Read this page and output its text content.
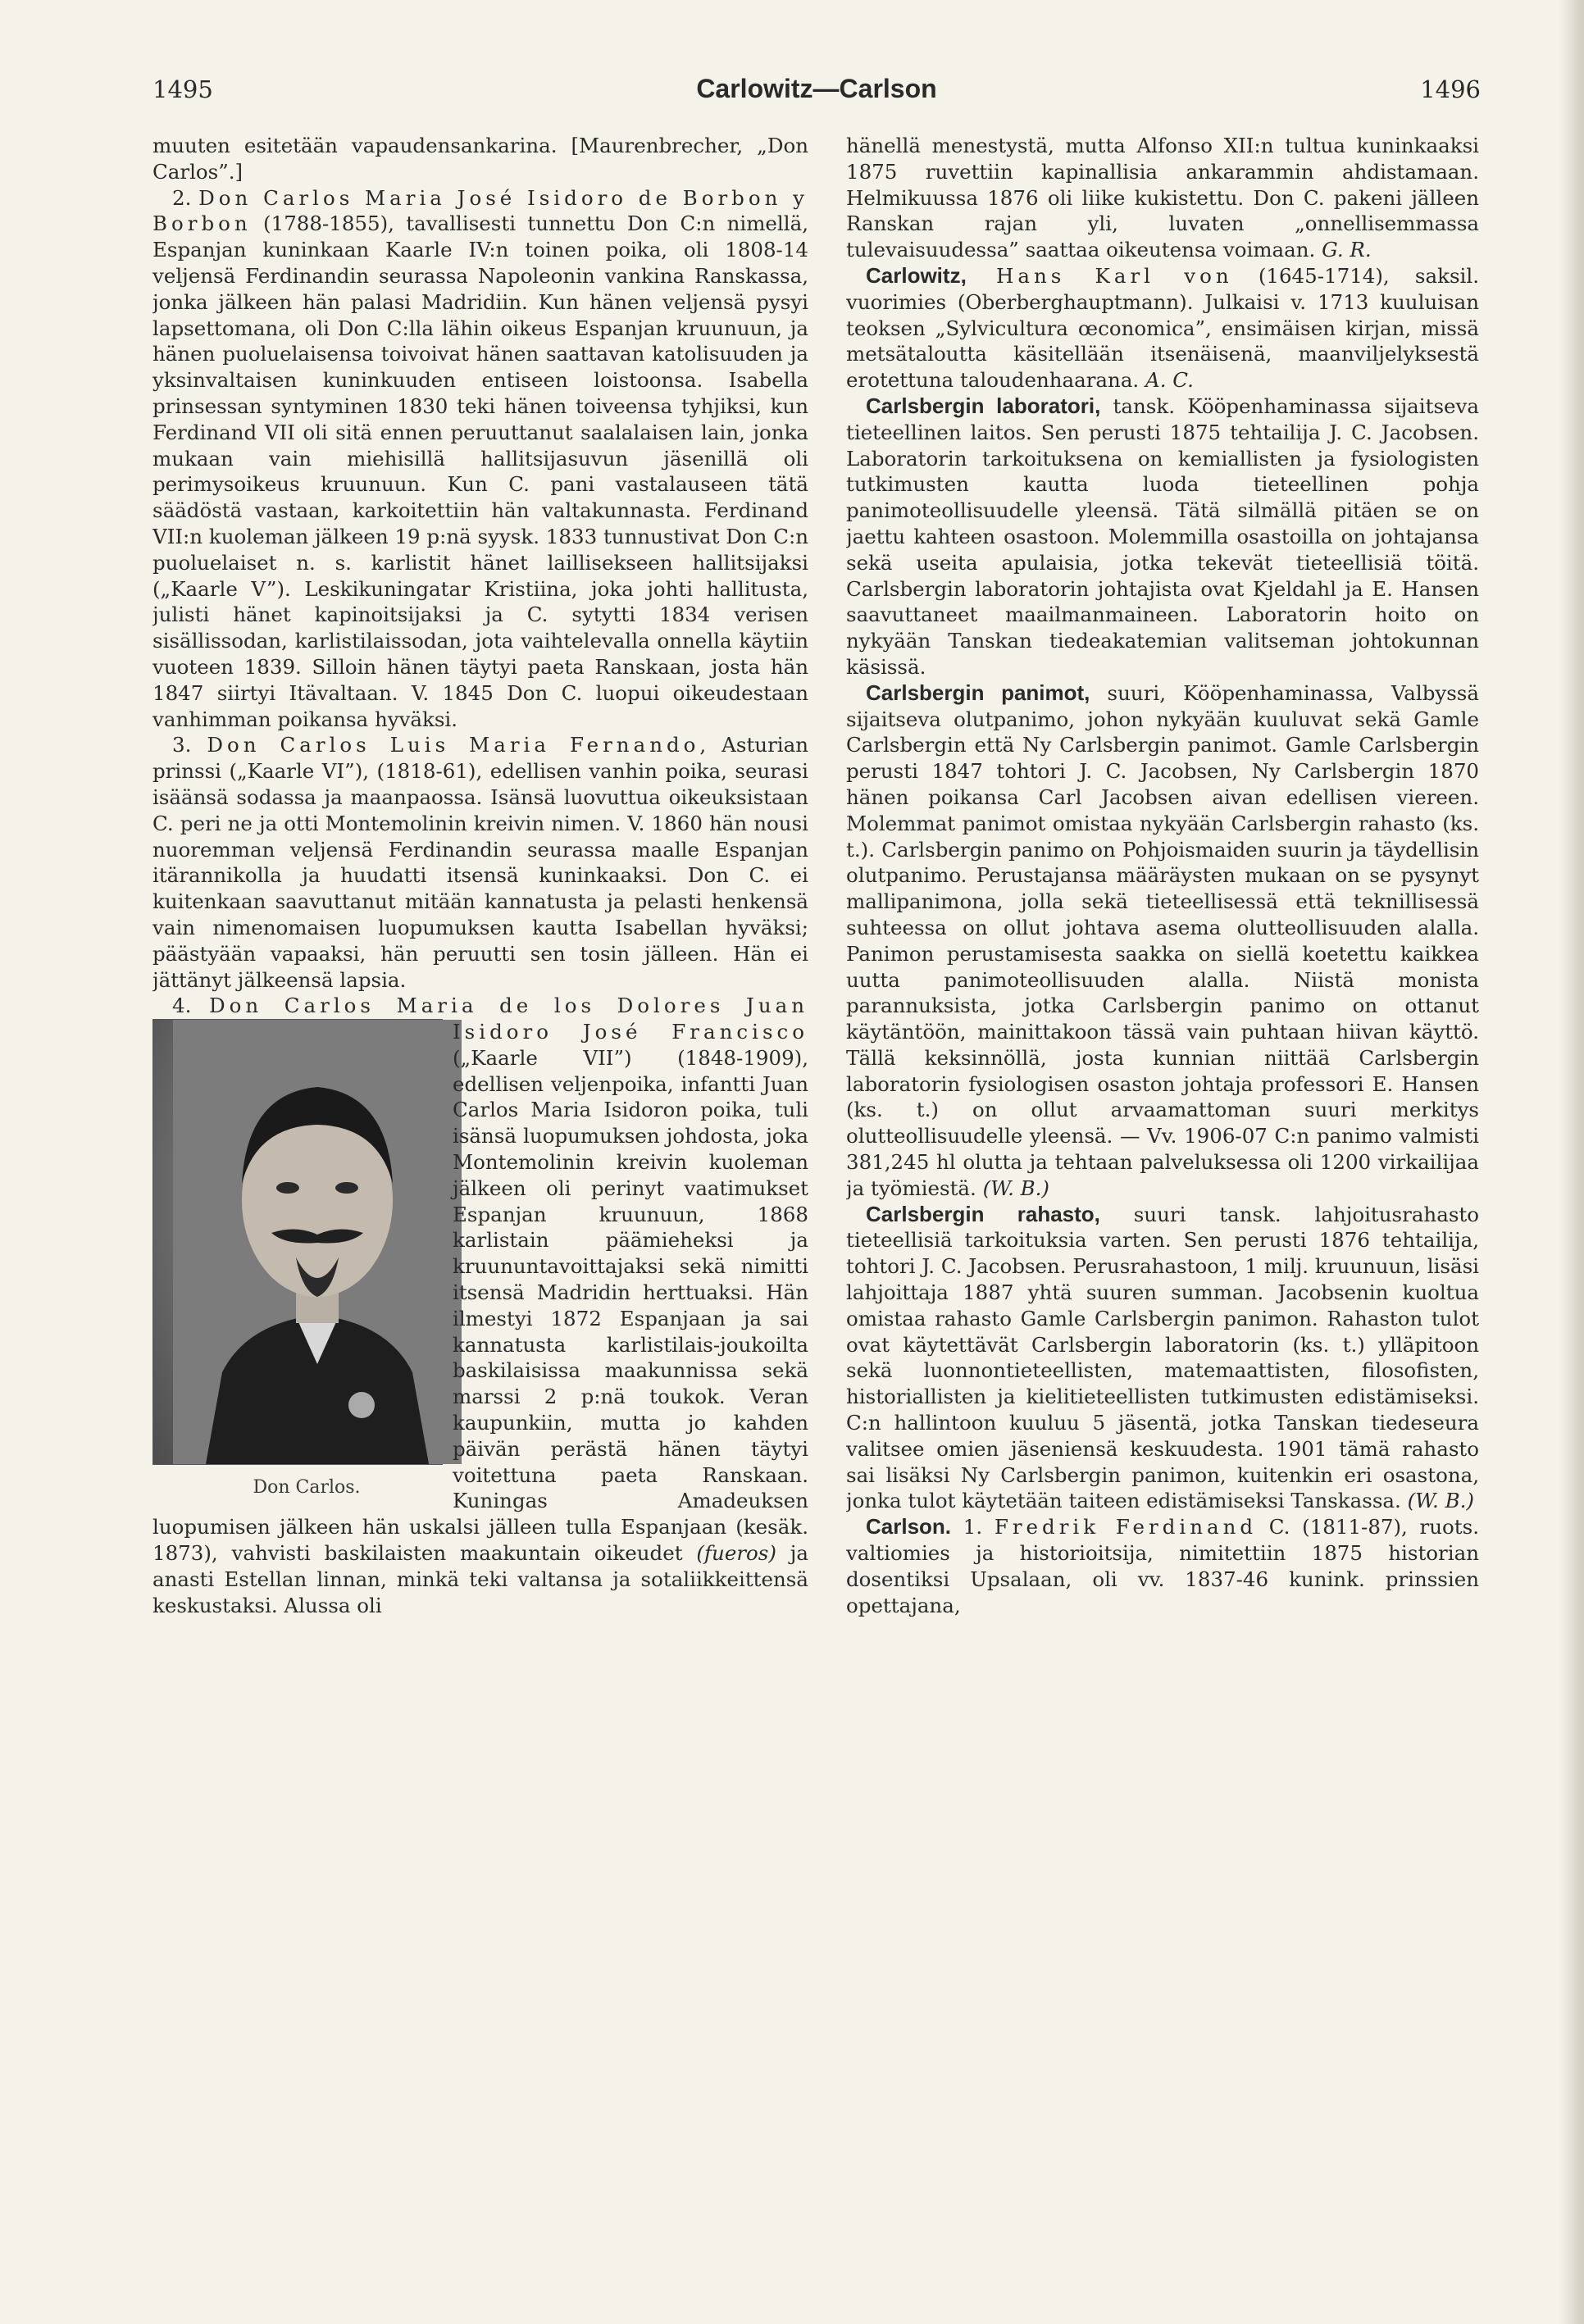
1495	Carlowitz—Carlson	1496

muuten esitetään vapaudensankarina. [Maurenbrecher, „Don Carlos”.]

2. Don Carlos Maria José Isidoro de Borbon y Borbon (1788-1855), tavallisesti tunnettu Don C:n nimellä, Espanjan kuninkaan Kaarle IV:n toinen poika, oli 1808-14 veljensä Ferdinandin seurassa Napoleonin vankina Ranskassa, jonka jälkeen hän palasi Madridiin. Kun hänen veljensä pysyi lapsettomana, oli Don C:lla lähin oikeus Espanjan kruunuun, ja hänen puoluelaisensa toivoivat hänen saattavan katolisuuden ja yksinvaltaisen kuninkuuden entiseen loistoonsa. Isabella prinsessan syntyminen 1830 teki hänen toiveensa tyhjiksi, kun Ferdinand VII oli sitä ennen peruuttanut saalalaisen lain, jonka mukaan vain miehisillä hallitsijasuvun jäsenillä oli perimysoikeus kruunuun. Kun C. pani vastalauseen tätä säädöstä vastaan, karkoitettiin hän valtakunnasta. Ferdinand VII:n kuoleman jälkeen 19 p:nä syysk. 1833 tunnustivat Don C:n puoluelaiset n. s. karlistit hänet laillisekseen hallitsijaksi („Kaarle V”). Leskikuningatar Kristiina, joka johti hallitusta, julisti hänet kapinoitsijaksi ja C. sytytti 1834 verisen sisällissodan, karlistilaissodan, jota vaihtelevalla onnella käytiin vuoteen 1839. Silloin hänen täytyi paeta Ranskaan, josta hän 1847 siirtyi Itävaltaan. V. 1845 Don C. luopui oikeudestaan vanhimman poikansa hyväksi.

3. Don Carlos Luis Maria Fernando, Asturian prinssi („Kaarle VI”), (1818-61), edellisen vanhin poika, seurasi isäänsä sodassa ja maanpaossa. Isänsä luovuttua oikeuksistaan C. peri ne ja otti Montemolinin kreivin nimen. V. 1860 hän nousi nuoremman veljensä Ferdinandin seurassa maalle Espanjan itärannikolla ja huudatti itsensä kuninkaaksi. Don C. ei kuitenkaan saavuttanut mitään kannatusta ja pelasti henkensä vain nimenomaisen luopumuksen kautta Isabellan hyväksi; päästyään vapaaksi, hän peruutti sen tosin jälleen. Hän ei jättänyt jälkeensä lapsia.

4. Don Carlos Maria de los Dolores Juan Isidoro José Francisco
Don Carlos.
(„Kaarle VII”) (1848-1909), edellisen veljenpoika, infantti Juan Carlos Maria Isidoron poika, tuli isänsä luopumuksen johdosta, joka Montemolinin kreivin kuoleman jälkeen oli perinyt vaatimukset Espanjan kruunuun, 1868 karlistain päämieheksi ja kruununtavoittajaksi sekä nimitti itsensä Madridin herttuaksi. Hän ilmestyi 1872 Espanjaan ja sai kannatusta karlistilais-joukoilta baskilaisissa maakunnissa sekä marssi 2 p:nä toukok. Veran kaupunkiin, mutta jo kahden päivän perästä hänen täytyi voitettuna paeta Ranskaan. Kuningas Amadeuksen luopumisen jälkeen hän uskalsi jälleen tulla Espanjaan (kesäk. 1873), vahvisti baskilaisten maakuntain oikeudet (fueros) ja anasti Estellan linnan, minkä teki valtansa ja sotaliikkeittensä keskustaksi. Alussa oli

hänellä menestystä, mutta Alfonso XII:n tultua kuninkaaksi 1875 ruvettiin kapinallisia ankarammin ahdistamaan. Helmikuussa 1876 oli liike kukistettu. Don C. pakeni jälleen Ranskan rajan yli, luvaten „onnellisemmassa tulevaisuudessa” saattaa oikeutensa voimaan. G. R.

Carlowitz, Hans Karl von (1645-1714), saksil. vuorimies (Oberberghauptmann). Julkaisi v. 1713 kuuluisan teoksen „Sylvicultura œconomica”, ensimäisen kirjan, missä metsätaloutta käsitellään itsenäisenä, maanviljelyksestä erotettuna taloudenhaarana. A. C.

Carlsbergin laboratori, tansk. Kööpenhaminassa sijaitseva tieteellinen laitos. Sen perusti 1875 tehtailija J. C. Jacobsen. Laboratorin tarkoituksena on kemiallisten ja fysiologisten tutkimusten kautta luoda tieteellinen pohja panimoteollisuudelle yleensä. Tätä silmällä pitäen se on jaettu kahteen osastoon. Molemmilla osastoilla on johtajansa sekä useita apulaisia, jotka tekevät tieteellisiä töitä. Carlsbergin laboratorin johtajista ovat Kjeldahl ja E. Hansen saavuttaneet maailmanmaineen. Laboratorin hoito on nykyään Tanskan tiedeakatemian valitseman johtokunnan käsissä.

Carlsbergin panimot, suuri, Kööpenhaminassa, Valbyssä sijaitseva olutpanimo, johon nykyään kuuluvat sekä Gamle Carlsbergin että Ny Carlsbergin panimot. Gamle Carlsbergin perusti 1847 tohtori J. C. Jacobsen, Ny Carlsbergin 1870 hänen poikansa Carl Jacobsen aivan edellisen viereen. Molemmat panimot omistaa nykyään Carlsbergin rahasto (ks. t.). Carlsbergin panimo on Pohjoismaiden suurin ja täydellisin olutpanimo. Perustajansa määräysten mukaan on se pysynyt mallipanimona, jolla sekä tieteellisessä että teknillisessä suhteessa on ollut johtava asema olutteollisuuden alalla. Panimon perustamisesta saakka on siellä koetettu kaikkea uutta panimoteollisuuden alalla. Niistä monista parannuksista, jotka Carlsbergin panimo on ottanut käytäntöön, mainittakoon tässä vain puhtaan hiivan käyttö. Tällä keksinnöllä, josta kunnian niittää Carlsbergin laboratorin fysiologisen osaston johtaja professori E. Hansen (ks. t.) on ollut arvaamattoman suuri merkitys olutteollisuudelle yleensä. — Vv. 1906-07 C:n panimo valmisti 381,245 hl olutta ja tehtaan palveluksessa oli 1200 virkailijaa ja työmiestä. (W. B.)

Carlsbergin rahasto, suuri tansk. lahjoitusrahasto tieteellisiä tarkoituksia varten. Sen perusti 1876 tehtailija, tohtori J. C. Jacobsen. Perusrahastoon, 1 milj. kruunuun, lisäsi lahjoittaja 1887 yhtä suuren summan. Jacobsenin kuoltua omistaa rahasto Gamle Carlsbergin panimon. Rahaston tulot ovat käytettävät Carlsbergin laboratorin (ks. t.) ylläpitoon sekä luonnontieteellisten, matemaattisten, filosofisten, historiallisten ja kielitieteellisten tutkimusten edistämiseksi. C:n hallintoon kuuluu 5 jäsentä, jotka Tanskan tiedeseura valitsee omien jäseniensä keskuudesta. 1901 tämä rahasto sai lisäksi Ny Carlsbergin panimon, kuitenkin eri osastona, jonka tulot käytetään taiteen edistämiseksi Tanskassa. (W. B.)

Carlson. 1. Fredrik Ferdinand C. (1811-87), ruots. valtiomies ja historioitsija, nimitettiin 1875 historian dosentiksi Upsalaan, oli vv. 1837-46 kunink. prinssien opettajana,
